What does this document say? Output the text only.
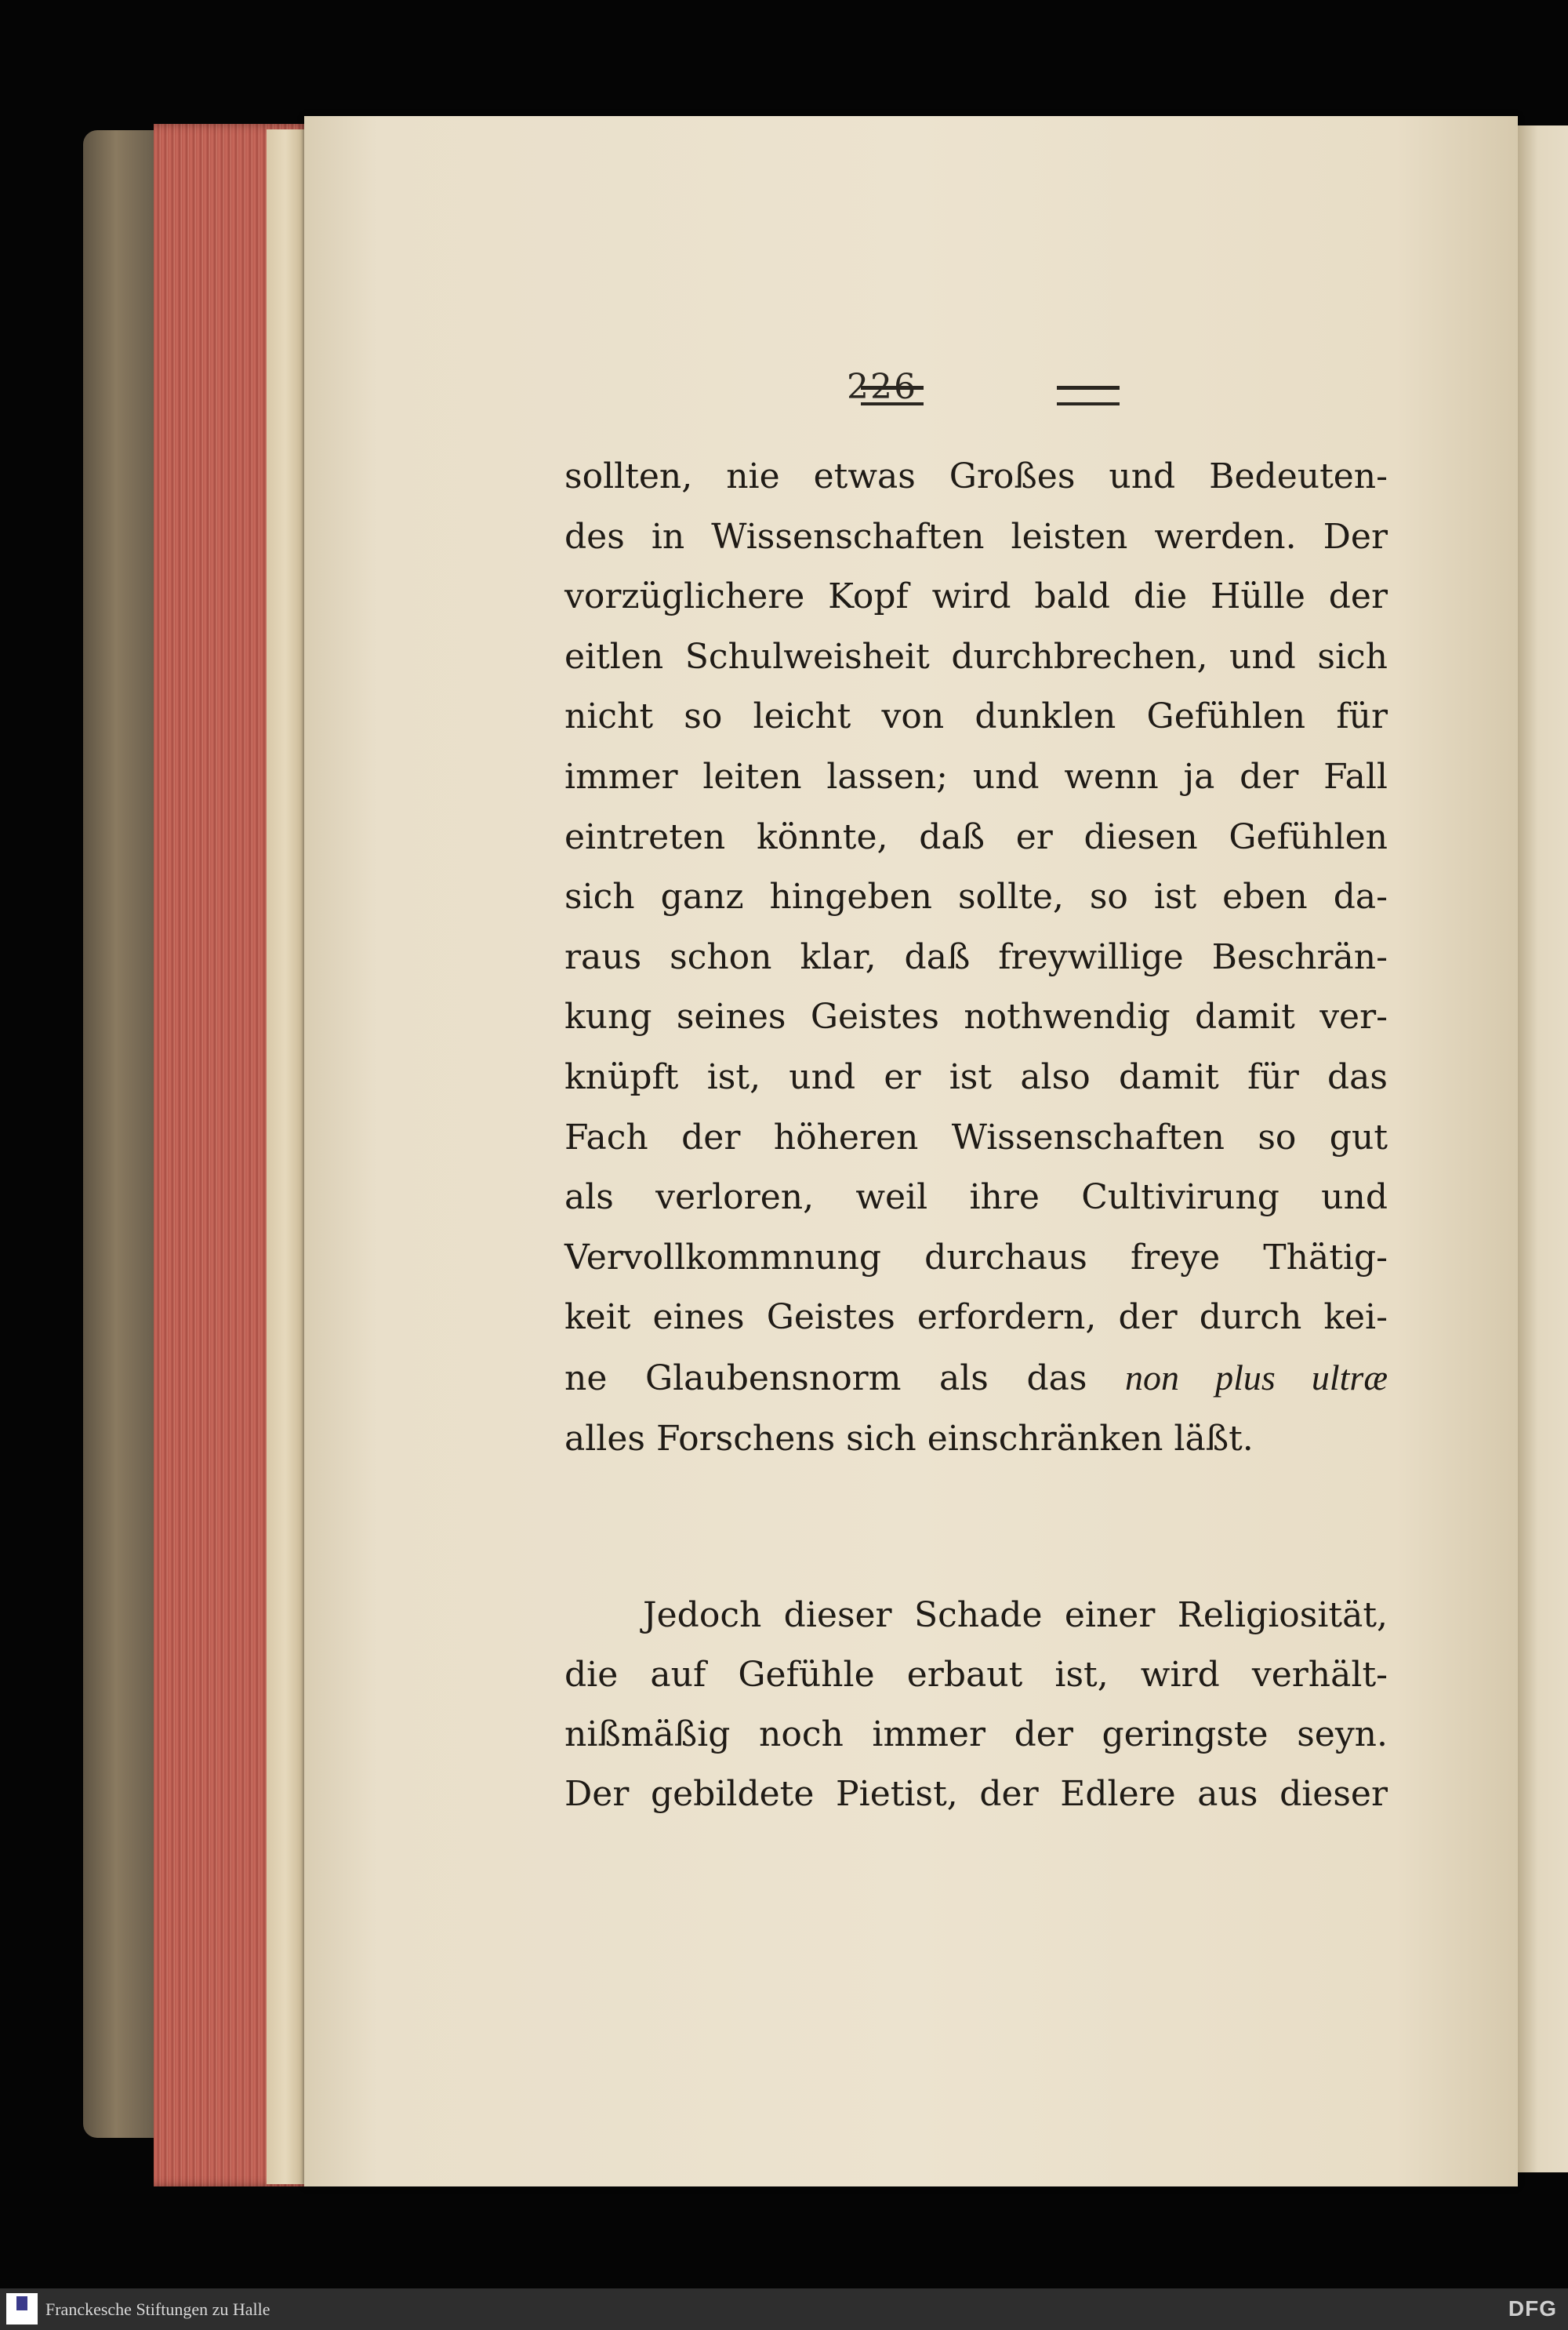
226
sollten, nie etwas Großes und Bedeuten-
des in Wissenschaften leisten werden. Der
vorzüglichere Kopf wird bald die Hülle der
eitlen Schulweisheit durchbrechen, und sich
nicht so leicht von dunklen Gefühlen für
immer leiten lassen; und wenn ja der Fall
eintreten könnte, daß er diesen Gefühlen
sich ganz hingeben sollte, so ist eben da-
raus schon klar, daß freywillige Beschrän-
kung seines Geistes nothwendig damit ver-
knüpft ist, und er ist also damit für das
Fach der höheren Wissenschaften so gut
als verloren, weil ihre Cultivirung und
Vervollkommnung durchaus freye Thätig-
keit eines Geistes erfordern, der durch kei-
ne Glaubensnorm als das non plus ultræ
alles Forschens sich einschränken läßt.
Jedoch dieser Schade einer Religiosität,
die auf Gefühle erbaut ist, wird verhält-
nißmäßig noch immer der geringste seyn.
Der gebildete Pietist, der Edlere aus dieser
Franckesche Stiftungen zu Halle	DFG
